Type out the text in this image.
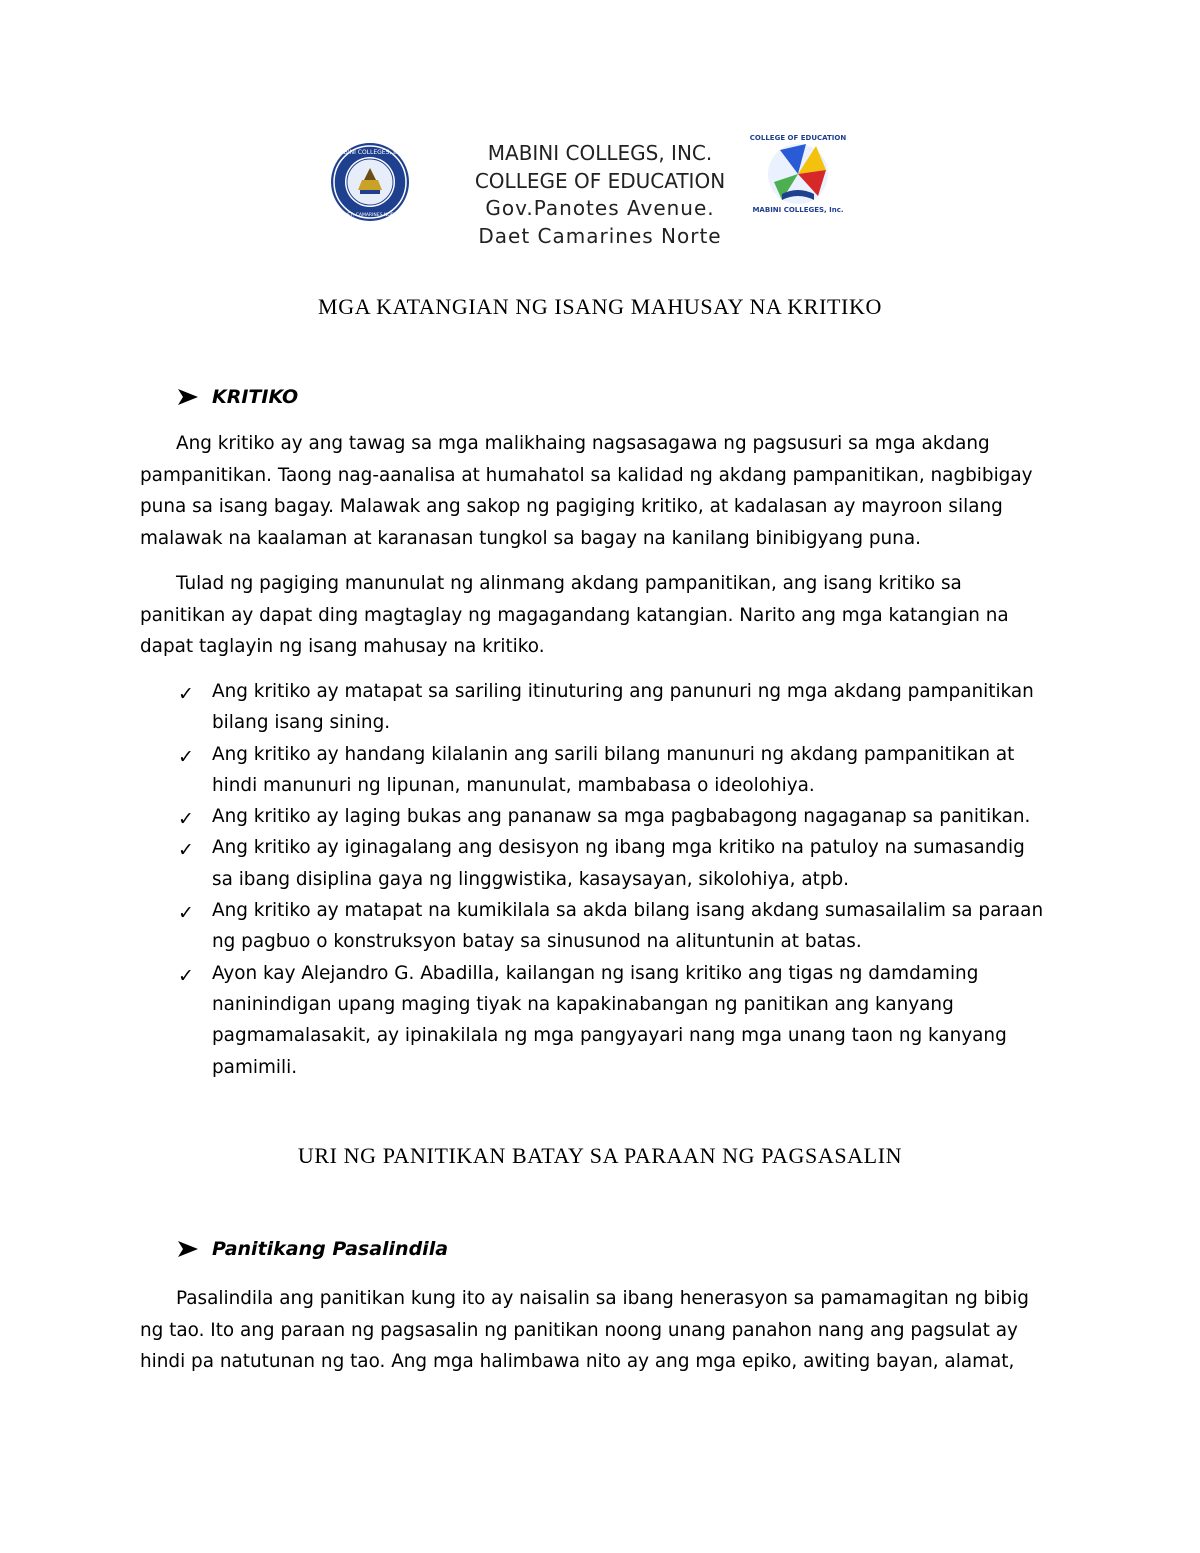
MABINI COLLEGES, INC.
DAET, CAMARINES NORTE
MABINI COLLEGS, INC.
COLLEGE OF EDUCATION
Gov.Panotes Avenue.
Daet Camarines Norte
COLLEGE OF EDUCATION
MABINI COLLEGES, Inc.
MGA KATANGIAN NG ISANG MAHUSAY NA KRITIKO
KRITIKO
Ang kritiko ay ang tawag sa mga malikhaing nagsasagawa ng pagsusuri sa mga akdang
pampanitikan. Taong nag-aanalisa at humahatol sa kalidad ng akdang pampanitikan, nagbibigay
puna sa isang bagay. Malawak ang sakop ng pagiging kritiko, at kadalasan ay mayroon silang
malawak na kaalaman at karanasan tungkol sa bagay na kanilang binibigyang puna.
Tulad ng pagiging manunulat ng alinmang akdang pampanitikan, ang isang kritiko sa
panitikan ay dapat ding magtaglay ng magagandang katangian. Narito ang mga katangian na
dapat taglayin ng isang mahusay na kritiko.
✓ Ang kritiko ay matapat sa sariling itinuturing ang panunuri ng mga akdang pampanitikan
bilang isang sining.
✓ Ang kritiko ay handang kilalanin ang sarili bilang manunuri ng akdang pampanitikan at
hindi manunuri ng lipunan, manunulat, mambabasa o ideolohiya.
✓ Ang kritiko ay laging bukas ang pananaw sa mga pagbabagong nagaganap sa panitikan.
✓ Ang kritiko ay iginagalang ang desisyon ng ibang mga kritiko na patuloy na sumasandig
sa ibang disiplina gaya ng linggwistika, kasaysayan, sikolohiya, atpb.
✓ Ang kritiko ay matapat na kumikilala sa akda bilang isang akdang sumasailalim sa paraan
ng pagbuo o konstruksyon batay sa sinusunod na alituntunin at batas.
✓ Ayon kay Alejandro G. Abadilla, kailangan ng isang kritiko ang tigas ng damdaming
naninindigan upang maging tiyak na kapakinabangan ng panitikan ang kanyang
pagmamalasakit, ay ipinakilala ng mga pangyayari nang mga unang taon ng kanyang
pamimili.
URI NG PANITIKAN BATAY SA PARAAN NG PAGSASALIN
Panitikang Pasalindila
Pasalindila ang panitikan kung ito ay naisalin sa ibang henerasyon sa pamamagitan ng bibig
ng tao. Ito ang paraan ng pagsasalin ng panitikan noong unang panahon nang ang pagsulat ay
hindi pa natutunan ng tao. Ang mga halimbawa nito ay ang mga epiko, awiting bayan, alamat,
